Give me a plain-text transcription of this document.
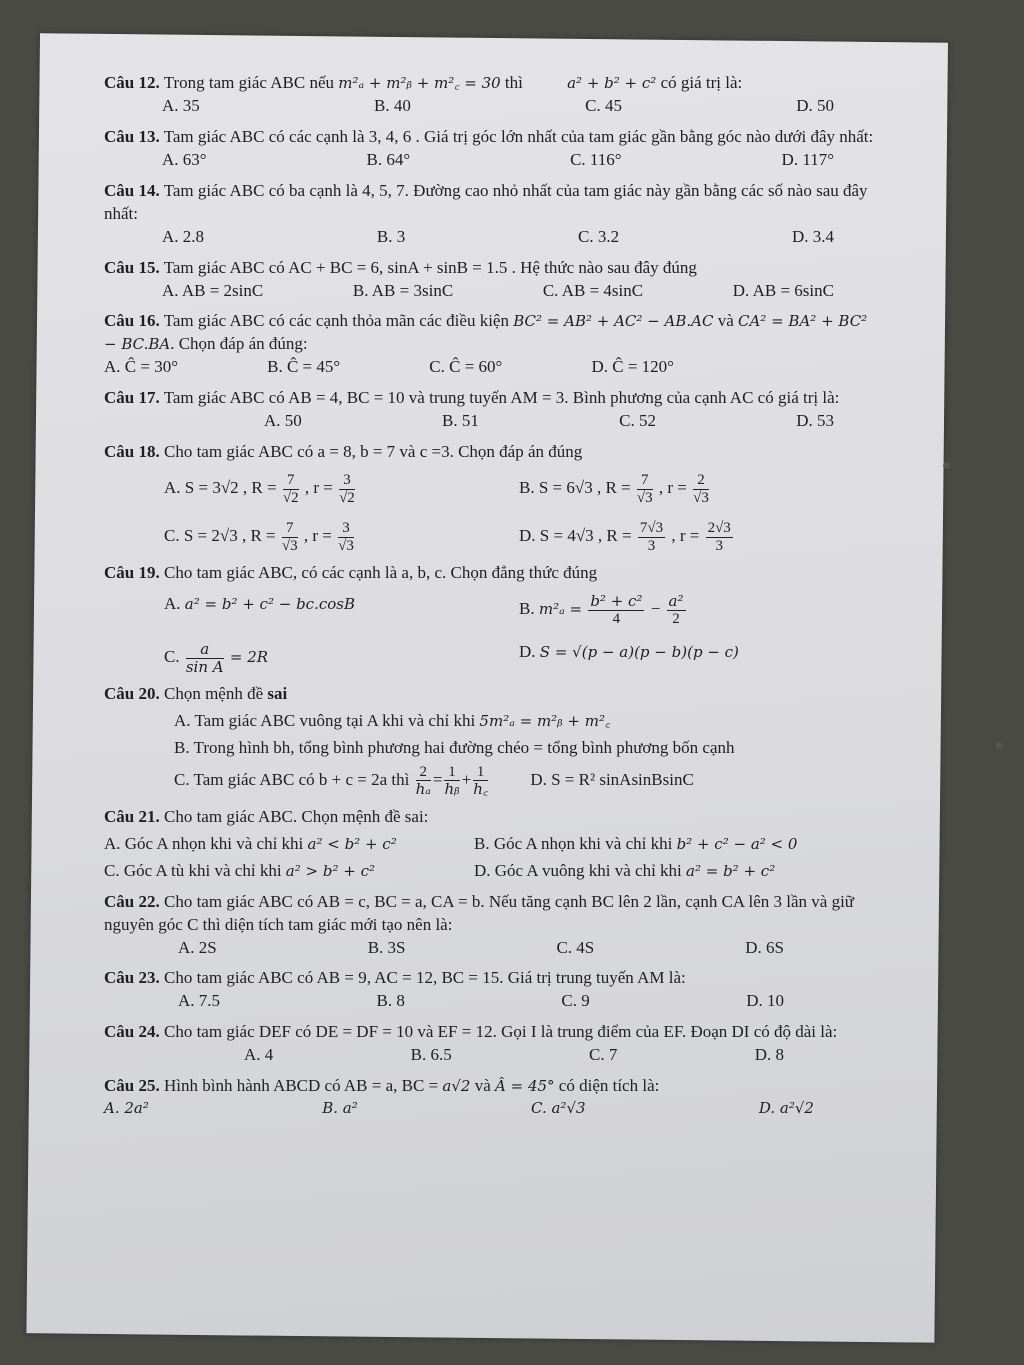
Câu 12. Trong tam giác ABC nếu m²ₐ + m²ᵦ + m²꜀ = 30 thì	a² + b² + c² có giá trị là:
A. 35	B. 40	C. 45	D. 50
Câu 13. Tam giác ABC có các cạnh là 3, 4, 6 . Giá trị góc lớn nhất của tam giác gần bằng góc nào dưới đây nhất:
A. 63°	B. 64°	C. 116°	D. 117°
Câu 14. Tam giác ABC có ba cạnh là 4, 5, 7. Đường cao nhỏ nhất của tam giác này gần bằng các số nào sau đây nhất:
A. 2.8	B. 3	C. 3.2	D. 3.4
Câu 15. Tam giác ABC có AC + BC = 6, sinA + sinB = 1.5 . Hệ thức nào sau đây đúng
A. AB = 2sinC	B. AB = 3sinC	C. AB = 4sinC	D. AB = 6sinC
Câu 16. Tam giác ABC có các cạnh thỏa mãn các điều kiện BC² = AB² + AC² − AB.AC và CA² = BA² + BC² − BC.BA. Chọn đáp án đúng:
A. Ĉ = 30°	B. Ĉ = 45°	C. Ĉ = 60°	D. Ĉ = 120°
Câu 17. Tam giác ABC có AB = 4, BC = 10 và trung tuyến AM = 3. Bình phương của cạnh AC có giá trị là:
A. 50	B. 51	C. 52	D. 53
Câu 18. Cho tam giác ABC có a = 8, b = 7 và c =3. Chọn đáp án đúng
A. S = 3√2 , $R = \frac{7}{√2}$ , $r = \frac{3}{√2}$	B. S = 6√3 , $R = \frac{7}{√3}$ , $r = \frac{2}{√3}$
C. S = 2√3 , $R = \frac{7}{√3}$ , $r = \frac{3}{√3}$	D. S = 4√3 , $R = \frac{7√3}{3}$ , $r = \frac{2√3}{3}$
Câu 19. Cho tam giác ABC, có các cạnh là a, b, c. Chọn đẳng thức đúng
A. a² = b² + c² − bc.cosB	B. $m^2_a = \frac{\text{b² + c²}}{4} - \frac{\text{a²}}{2}$
C. $\frac{a}{\text{sin A}} = 2R$	D. S = √(p − a)(p − b)(p − c)
Câu 20. Chọn mệnh đề sai
A. Tam giác ABC vuông tại A khi và chỉ khi 5m²ₐ = m²ᵦ + m²꜀
B. Trong hình bh, tổng bình phương hai đường chéo = tổng bình phương bốn cạnh
C. Tam giác ABC có b + c = 2a thì $\frac{2}{\text{hₐ}} = \frac{1}{\text{hᵦ}} + \frac{1}{h꜀} D$. S = R² sinAsinBsinC
Câu 21. Cho tam giác ABC. Chọn mệnh đề sai:
A. Góc A nhọn khi và chỉ khi a² < b² + c²	B. Góc A nhọn khi và chỉ khi b² + c² − a² < 0
C. Góc A tù khi và chỉ khi a² > b² + c²	D. Góc A vuông khi và chỉ khi a² = b² + c²
Câu 22. Cho tam giác ABC có AB = c, BC = a, CA = b. Nếu tăng cạnh BC lên 2 lần, cạnh CA lên 3 lần và giữ nguyên góc C thì diện tích tam giác mới tạo nên là:
A. 2S	B. 3S	C. 4S	D. 6S
Câu 23. Cho tam giác ABC có AB = 9, AC = 12, BC = 15. Giá trị trung tuyến AM là:
A. 7.5	B. 8	C. 9	D. 10
Câu 24. Cho tam giác DEF có DE = DF = 10 và EF = 12. Gọi I là trung điểm của EF. Đoạn DI có độ dài là:
A. 4	B. 6.5	C. 7	D. 8
Câu 25. Hình bình hành ABCD có AB = a, BC = a√2 và Â = 45° có diện tích là:
A. 2a²	B. a²	C. a²√3	D. a²√2
